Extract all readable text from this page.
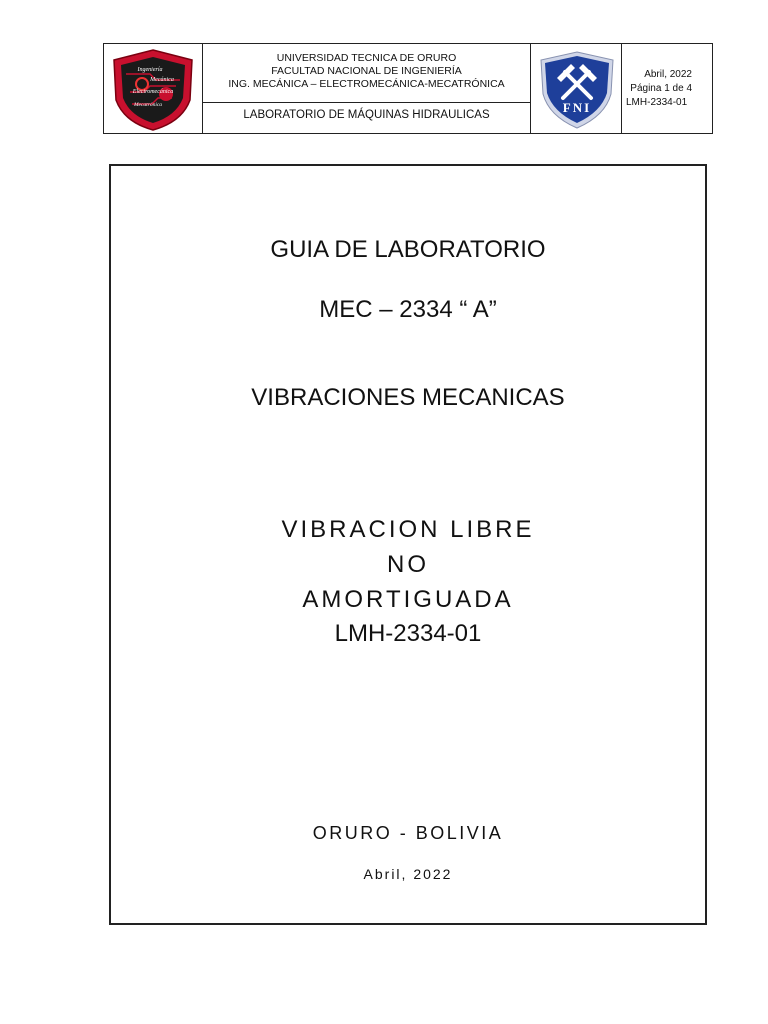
Ingeniería
Mecánica
Electromecánica
Mecatrónica
UNIVERSIDAD TECNICA DE ORURO
FACULTAD NACIONAL DE INGENIERÍA
ING. MECÁNICA – ELECTROMECÁNICA-MECATRÓNICA
LABORATORIO DE MÁQUINAS HIDRAULICAS	FNI
Abril, 2022
Página 1 de 4
LMH-2334-01
GUIA DE LABORATORIO
MEC – 2334 “ A”
VIBRACIONES MECANICAS
VIBRACION LIBRE
NO
AMORTIGUADA
LMH-2334-01
ORURO - BOLIVIA
Abril, 2022
